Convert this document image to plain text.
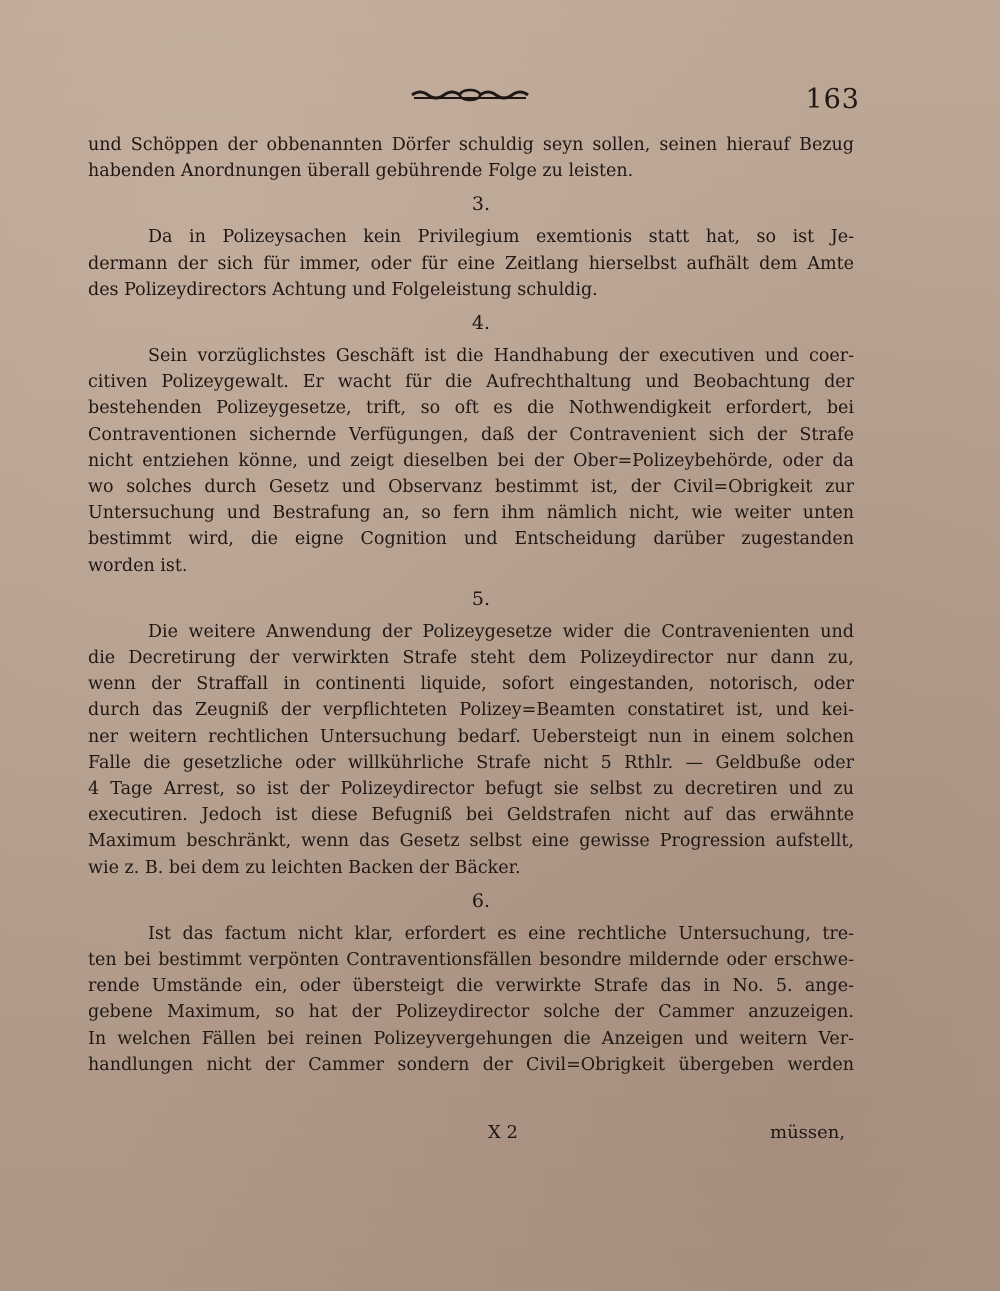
163
und Schöppen der obbenannten Dörfer schuldig seyn sollen, seinen hierauf Bezug
habenden Anordnungen überall gebührende Folge zu leisten.
3.
Da in Polizeysachen kein Privilegium exemtionis statt hat, so ist Je-
dermann der sich für immer, oder für eine Zeitlang hierselbst aufhält dem Amte
des Polizeydirectors Achtung und Folgeleistung schuldig.
4.
Sein vorzüglichstes Geschäft ist die Handhabung der executiven und coer-
citiven Polizeygewalt. Er wacht für die Aufrechthaltung und Beobachtung der
bestehenden Polizeygesetze, trift, so oft es die Nothwendigkeit erfordert, bei
Contraventionen sichernde Verfügungen, daß der Contravenient sich der Strafe
nicht entziehen könne, und zeigt dieselben bei der Ober=Polizeybehörde, oder da
wo solches durch Gesetz und Observanz bestimmt ist, der Civil=Obrigkeit zur
Untersuchung und Bestrafung an, so fern ihm nämlich nicht, wie weiter unten
bestimmt wird, die eigne Cognition und Entscheidung darüber zugestanden
worden ist.
5.
Die weitere Anwendung der Polizeygesetze wider die Contravenienten und
die Decretirung der verwirkten Strafe steht dem Polizeydirector nur dann zu,
wenn der Straffall in continenti liquide, sofort eingestanden, notorisch, oder
durch das Zeugniß der verpflichteten Polizey=Beamten constatiret ist, und kei-
ner weitern rechtlichen Untersuchung bedarf. Uebersteigt nun in einem solchen
Falle die gesetzliche oder willkührliche Strafe nicht 5 Rthlr. — Geldbuße oder
4 Tage Arrest, so ist der Polizeydirector befugt sie selbst zu decretiren und zu
executiren. Jedoch ist diese Befugniß bei Geldstrafen nicht auf das erwähnte
Maximum beschränkt, wenn das Gesetz selbst eine gewisse Progression aufstellt,
wie z. B. bei dem zu leichten Backen der Bäcker.
6.
Ist das factum nicht klar, erfordert es eine rechtliche Untersuchung, tre-
ten bei bestimmt verpönten Contraventionsfällen besondre mildernde oder erschwe-
rende Umstände ein, oder übersteigt die verwirkte Strafe das in No. 5. ange-
gebene Maximum, so hat der Polizeydirector solche der Cammer anzuzeigen.
In welchen Fällen bei reinen Polizeyvergehungen die Anzeigen und weitern Ver-
handlungen nicht der Cammer sondern der Civil=Obrigkeit übergeben werden
X 2	müssen,
